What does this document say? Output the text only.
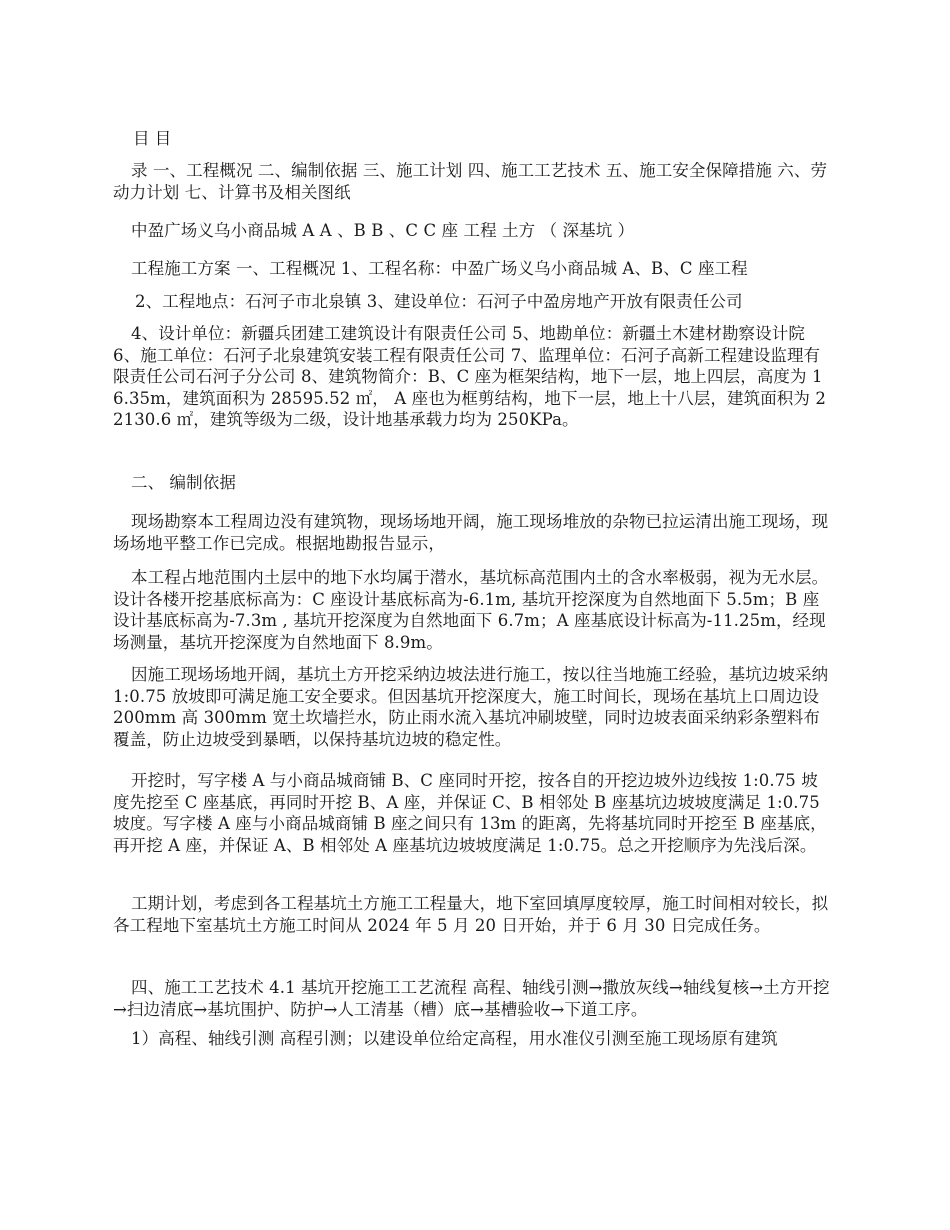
目 目

录 一、工程概况 二、编制依据 三、施工计划 四、施工工艺技术 五、施工安全保障措施 六、劳动力计划 七、计算书及相关图纸

中盈广场义乌小商品城 A A 、B B 、C C 座 工程 土方 （ 深基坑 ）

工程施工方案 一、工程概况 1、工程名称：中盈广场义乌小商品城 A、B、C 座工程

2、工程地点：石河子市北泉镇 3、建设单位：石河子中盈房地产开放有限责任公司

4、设计单位：新疆兵团建工建筑设计有限责任公司 5、地勘单位：新疆土木建材勘察设计院 6、施工单位：石河子北泉建筑安装工程有限责任公司 7、监理单位：石河子高新工程建设监理有限责任公司石河子分公司 8、建筑物简介：B、C 座为框架结构，地下一层，地上四层，高度为 16.35m，建筑面积为 28595.52 ㎡， A 座也为框剪结构，地下一层，地上十八层，建筑面积为 22130.6 ㎡，建筑等级为二级，设计地基承载力均为 250KPa。

二、 编制依据

现场勘察本工程周边没有建筑物，现场场地开阔，施工现场堆放的杂物已拉运清出施工现场，现场场地平整工作已完成。根据地勘报告显示，

本工程占地范围内土层中的地下水均属于潜水，基坑标高范围内土的含水率极弱，视为无水层。设计各楼开挖基底标高为：C 座设计基底标高为-6.1m, 基坑开挖深度为自然地面下 5.5m；B 座设计基底标高为-7.3m , 基坑开挖深度为自然地面下 6.7m；A 座基底设计标高为-11.25m，经现场测量，基坑开挖深度为自然地面下 8.9m。

因施工现场场地开阔，基坑土方开挖采纳边坡法进行施工，按以往当地施工经验，基坑边坡采纳 1:0.75 放坡即可满足施工安全要求。但因基坑开挖深度大，施工时间长，现场在基坑上口周边设 200mm 高 300mm 宽土坎墙拦水，防止雨水流入基坑冲刷坡壁，同时边坡表面采纳彩条塑料布覆盖，防止边坡受到暴晒，以保持基坑边坡的稳定性。

开挖时，写字楼 A 与小商品城商铺 B、C 座同时开挖，按各自的开挖边坡外边线按 1:0.75 坡度先挖至 C 座基底，再同时开挖 B、A 座，并保证 C、B 相邻处 B 座基坑边坡坡度满足 1:0.75 坡度。写字楼 A 座与小商品城商铺 B 座之间只有 13m 的距离，先将基坑同时开挖至 B 座基底，再开挖 A 座，并保证 A、B 相邻处 A 座基坑边坡坡度满足 1:0.75。总之开挖顺序为先浅后深。

工期计划，考虑到各工程基坑土方施工工程量大，地下室回填厚度较厚，施工时间相对较长，拟各工程地下室基坑土方施工时间从 2024 年 5 月 20 日开始，并于 6 月 30 日完成任务。

四、施工工艺技术 4.1 基坑开挖施工工艺流程 高程、轴线引测→撒放灰线→轴线复核→土方开挖→扫边清底→基坑围护、防护→人工清基（槽）底→基槽验收→下道工序。

1）高程、轴线引测 高程引测；以建设单位给定高程，用水准仪引测至施工现场原有建筑
